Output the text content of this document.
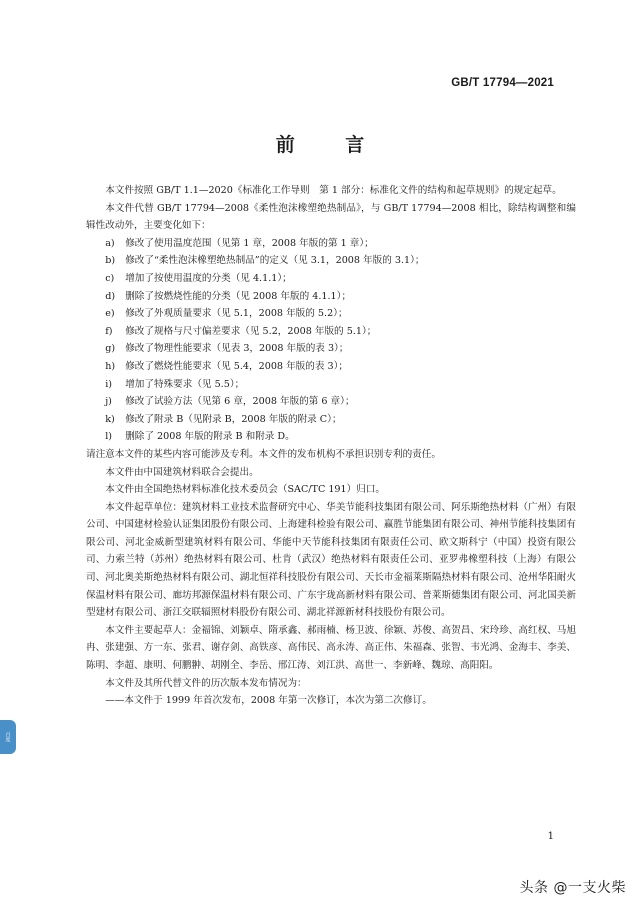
GB/T 17794—2021
前 言

本文件按照 GB/T 1.1—2020《标准化工作导则　第 1 部分：标准化文件的结构和起草规则》的规定起草。

本文件代替 GB/T 17794—2008《柔性泡沫橡塑绝热制品》，与 GB/T 17794—2008 相比，除结构调整和编辑性改动外，主要变化如下：

a) 修改了使用温度范围（见第 1 章，2008 年版的第 1 章）；
b) 修改了“柔性泡沫橡塑绝热制品”的定义（见 3.1，2008 年版的 3.1）；
c) 增加了按使用温度的分类（见 4.1.1）；
d) 删除了按燃烧性能的分类（见 2008 年版的 4.1.1）；
e) 修改了外观质量要求（见 5.1，2008 年版的 5.2）；
f) 修改了规格与尺寸偏差要求（见 5.2，2008 年版的 5.1）；
g) 修改了物理性能要求（见表 3，2008 年版的表 3）；
h) 修改了燃烧性能要求（见 5.4，2008 年版的表 3）；
i) 增加了特殊要求（见 5.5）；
j) 修改了试验方法（见第 6 章，2008 年版的第 6 章）；
k) 修改了附录 B（见附录 B，2008 年版的附录 C）；
l) 删除了 2008 年版的附录 B 和附录 D。

请注意本文件的某些内容可能涉及专利。本文件的发布机构不承担识别专利的责任。

本文件由中国建筑材料联合会提出。

本文件由全国绝热材料标准化技术委员会（SAC/TC 191）归口。

本文件起草单位：建筑材料工业技术监督研究中心、华美节能科技集团有限公司、阿乐斯绝热材料（广州）有限公司、中国建材检验认证集团股份有限公司、上海建科检验有限公司、赢胜节能集团有限公司、神州节能科技集团有限公司、河北金威新型建筑材料有限公司、华能中天节能科技集团有限责任公司、欧文斯科宁（中国）投资有限公司、力索兰特（苏州）绝热材料有限公司、杜肯（武汉）绝热材料有限责任公司、亚罗弗橡塑科技（上海）有限公司、河北奥美斯绝热材料有限公司、湖北恒祥科技股份有限公司、天长市金福莱斯隔热材料有限公司、沧州华阳耐火保温材料有限公司、廊坊邦源保温材料有限公司、广东宇珑高新材料有限公司、普莱斯德集团有限公司、河北国美新型建材有限公司、浙江交联辐照材料股份有限公司、湖北祥源新材科技股份有限公司。

本文件主要起草人：金福锦、刘颖卓、隋承鑫、郝雨楠、杨卫波、徐颖、苏俊、高贺昌、宋玲珍、高红权、马旭冉、张建强、方一东、张君、谢存剑、高铁彦、高伟民、高永涛、高正伟、朱福森、张智、韦光鸿、金海丰、李美、陈明、李超、康明、何鹏翀、胡刚全、李岳、邢江涛、刘江洪、高世一、李新峰、魏琼、高阳阳。

本文件及其所代替文件的历次版本发布情况为：

——本文件于 1999 年首次发布，2008 年第一次修订，本次为第二次修订。

百度
1
头条 @一支火柴
